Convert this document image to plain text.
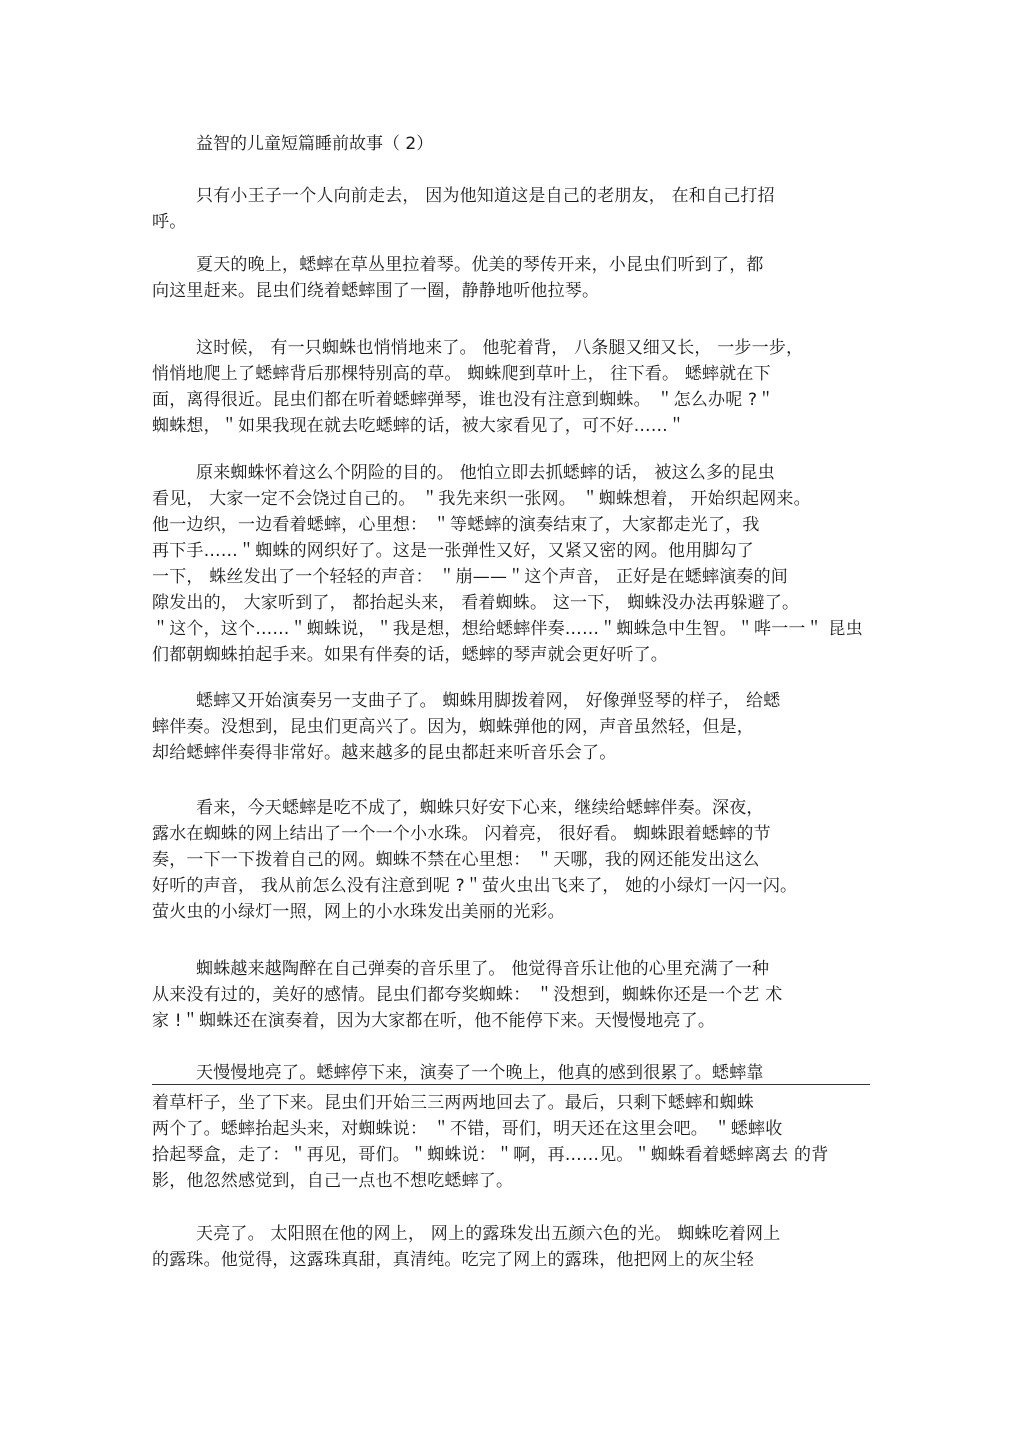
益智的儿童短篇睡前故事（ 2）
只有小王子一个人向前走去， 因为他知道这是自己的老朋友， 在和自己打招
呼。
夏天的晚上，蟋蟀在草丛里拉着琴。优美的琴传开来，小昆虫们听到了，都
向这里赶来。昆虫们绕着蟋蟀围了一圈，静静地听他拉琴。
这时候， 有一只蜘蛛也悄悄地来了。 他驼着背， 八条腿又细又长， 一步一步，
悄悄地爬上了蟋蟀背后那棵特别高的草。 蜘蛛爬到草叶上， 往下看。 蟋蟀就在下
面，离得很近。昆虫们都在听着蟋蟀弹琴，谁也没有注意到蜘蛛。 ＂怎么办呢 ?＂
蜘蛛想，＂如果我现在就去吃蟋蟀的话，被大家看见了，可不好……＂
原来蜘蛛怀着这么个阴险的目的。 他怕立即去抓蟋蟀的话， 被这么多的昆虫
看见， 大家一定不会饶过自己的。 ＂我先来织一张网。 ＂蜘蛛想着， 开始织起网来。
他一边织，一边看着蟋蟀，心里想： ＂等蟋蟀的演奏结束了，大家都走光了，我
再下手……＂蜘蛛的网织好了。这是一张弹性又好，又紧又密的网。他用脚勾了
一下， 蛛丝发出了一个轻轻的声音： ＂崩——＂这个声音， 正好是在蟋蟀演奏的间
隙发出的， 大家听到了， 都抬起头来， 看着蜘蛛。 这一下， 蜘蛛没办法再躲避了。
＂这个，这个……＂蜘蛛说，＂我是想，想给蟋蟀伴奏……＂蜘蛛急中生智。＂哔一一＂ 昆虫
们都朝蜘蛛拍起手来。如果有伴奏的话，蟋蟀的琴声就会更好听了。
蟋蟀又开始演奏另一支曲子了。 蜘蛛用脚拨着网， 好像弹竖琴的样子， 给蟋
蟀伴奏。没想到，昆虫们更高兴了。因为，蜘蛛弹他的网，声音虽然轻，但是，
却给蟋蟀伴奏得非常好。越来越多的昆虫都赶来听音乐会了。
看来，今天蟋蟀是吃不成了，蜘蛛只好安下心来，继续给蟋蟀伴奏。深夜，
露水在蜘蛛的网上结出了一个一个小水珠。 闪着亮， 很好看。 蜘蛛跟着蟋蟀的节
奏，一下一下拨着自己的网。蜘蛛不禁在心里想： ＂天哪，我的网还能发出这么
好听的声音， 我从前怎么没有注意到呢 ?＂萤火虫出飞来了， 她的小绿灯一闪一闪。
萤火虫的小绿灯一照，网上的小水珠发出美丽的光彩。
蜘蛛越来越陶醉在自己弹奏的音乐里了。 他觉得音乐让他的心里充满了一种
从来没有过的，美好的感情。昆虫们都夸奖蜘蛛： ＂没想到，蜘蛛你还是一个艺 术
家 !＂蜘蛛还在演奏着，因为大家都在听，他不能停下来。天慢慢地亮了。
天慢慢地亮了。蟋蟀停下来，演奏了一个晚上，他真的感到很累了。蟋蟀靠
着草杆子，坐了下来。昆虫们开始三三两两地回去了。最后，只剩下蟋蟀和蜘蛛
两个了。蟋蟀抬起头来，对蜘蛛说： ＂不错，哥们，明天还在这里会吧。 ＂蟋蟀收
拾起琴盒，走了：＂再见，哥们。＂蜘蛛说：＂啊，再……见。＂蜘蛛看着蟋蟀离去 的背
影，他忽然感觉到，自己一点也不想吃蟋蟀了。
天亮了。 太阳照在他的网上， 网上的露珠发出五颜六色的光。 蜘蛛吃着网上
的露珠。他觉得，这露珠真甜，真清纯。吃完了网上的露珠，他把网上的灰尘轻
